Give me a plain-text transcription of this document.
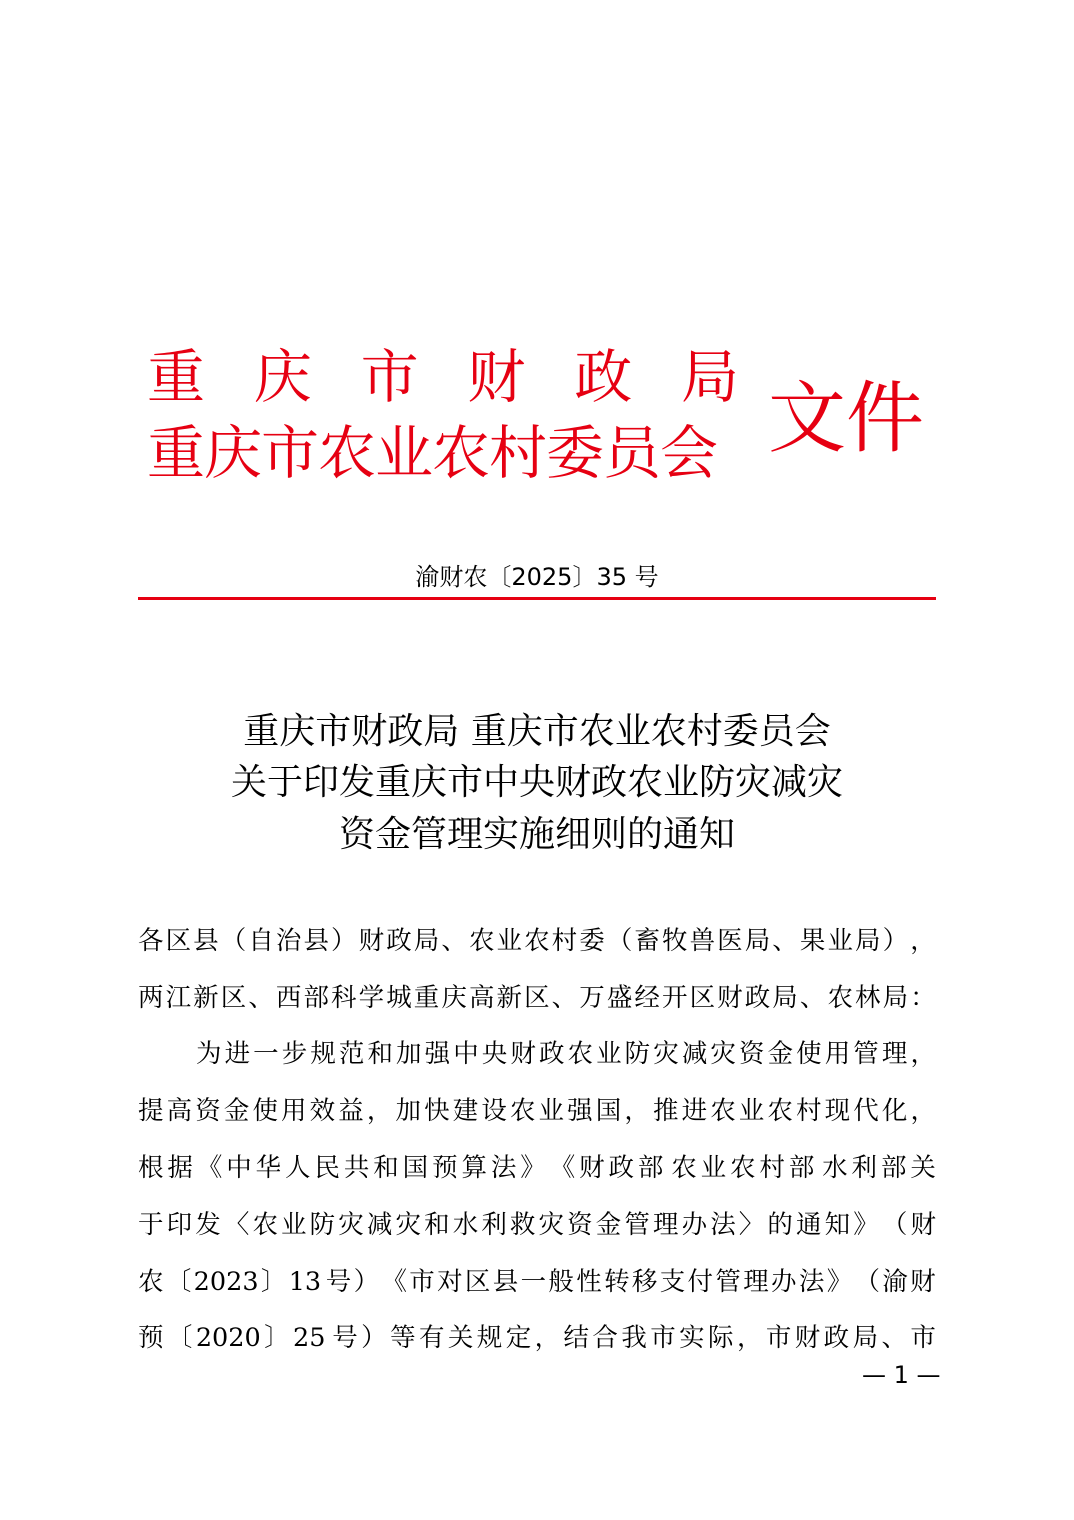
重 庆 市 财 政 局
重庆市农业农村委员会 文件
渝财农〔2025〕35 号
重庆市财政局 重庆市农业农村委员会
关于印发重庆市中央财政农业防灾减灾
资金管理实施细则的通知
各 区 县 （ 自 治 县 ） 财 政 局 、 农 业 农 村 委 （ 畜 牧 兽 医 局 、 果 业 局 ） ，
两 江 新 区 、 西 部 科 学 城 重 庆 高 新 区 、 万 盛 经 开 区 财 政 局 、 农 林 局 ：
为 进 一 步 规 范 和 加 强 中 央 财 政 农 业 防 灾 减 灾 资 金 使 用 管 理 ，
提 高 资 金 使 用 效 益 ， 加 快 建 设 农 业 强 国 ， 推 进 农 业 农 村 现 代 化 ，
根 据 《 中 华 人 民 共 和 国 预 算 法 》 《 财 政 部 农 业 农 村 部 水 利 部 关
于 印 发 〈 农 业 防 灾 减 灾 和 水 利 救 灾 资 金 管 理 办 法 〉 的 通 知 》 （ 财
农 〔 2023 〕 13 号 ） 《 市 对 区 县 一 般 性 转 移 支 付 管 理 办 法 》 （ 渝 财
预 〔 2020 〕 25 号 ） 等 有 关 规 定 ， 结 合 我 市 实 际 ， 市 财 政 局 、 市
— 1 —
